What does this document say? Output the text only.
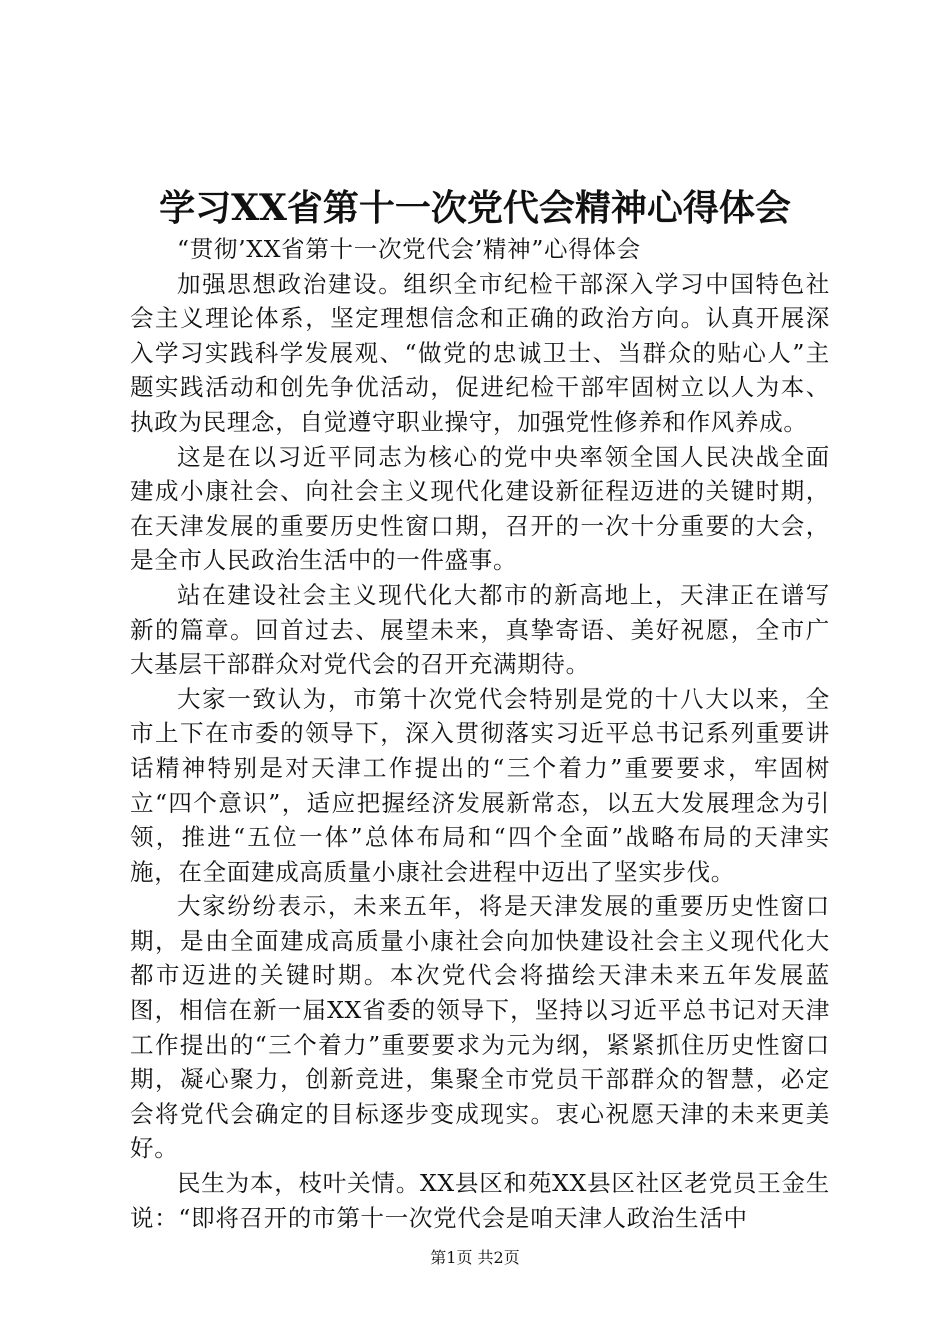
学习XX省第十一次党代会精神心得体会

“贯彻’XX省第十一次党代会’精神”心得体会

加强思想政治建设。组织全市纪检干部深入学习中国特色社会主义理论体系，坚定理想信念和正确的政治方向。认真开展深入学习实践科学发展观、“做党的忠诚卫士、当群众的贴心人”主题实践活动和创先争优活动，促进纪检干部牢固树立以人为本、执政为民理念，自觉遵守职业操守，加强党性修养和作风养成。

这是在以习近平同志为核心的党中央率领全国人民决战全面建成小康社会、向社会主义现代化建设新征程迈进的关键时期，在天津发展的重要历史性窗口期，召开的一次十分重要的大会，是全市人民政治生活中的一件盛事。

站在建设社会主义现代化大都市的新高地上，天津正在谱写新的篇章。回首过去、展望未来，真挚寄语、美好祝愿，全市广大基层干部群众对党代会的召开充满期待。

大家一致认为，市第十次党代会特别是党的十八大以来，全市上下在市委的领导下，深入贯彻落实习近平总书记系列重要讲话精神特别是对天津工作提出的“三个着力”重要要求，牢固树立“四个意识”，适应把握经济发展新常态，以五大发展理念为引领，推进“五位一体”总体布局和“四个全面”战略布局的天津实施，在全面建成高质量小康社会进程中迈出了坚实步伐。

大家纷纷表示，未来五年，将是天津发展的重要历史性窗口期，是由全面建成高质量小康社会向加快建设社会主义现代化大都市迈进的关键时期。本次党代会将描绘天津未来五年发展蓝图，相信在新一届XX省委的领导下，坚持以习近平总书记对天津工作提出的“三个着力”重要要求为元为纲，紧紧抓住历史性窗口期，凝心聚力，创新竞进，集聚全市党员干部群众的智慧，必定会将党代会确定的目标逐步变成现实。衷心祝愿天津的未来更美好。

民生为本，枝叶关情。XX县区和苑XX县区社区老党员王金生说：“即将召开的市第十一次党代会是咱天津人政治生活中

第1页 共2页
